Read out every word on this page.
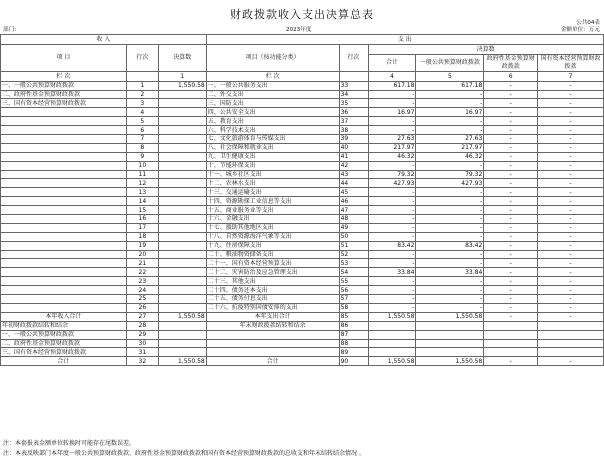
财政拨款收入支出决算总表
公共04表
部门:	2023年度	金额单位：万元
收 入			支 出					
项 目	行次	决算数	项目（按功能分类）	行次	决算数			
					合计	一般公共预算财政拨款	政府性基金预算财政拨款	国有资本经营预算财政拨款

栏 次		1	栏 次		4	5	6	7
一、一般公共预算财政拨款	1	1,550.58	一、一般公共服务支出	33	617.18	617.18	-	-
二、政府性基金预算财政拨款	2		二、外交支出	34	-	-	-	-
三、国有资本经营预算财政拨款	3		三、国防支出	35	-	-	-	-
	4		四、公共安全支出	36	16.97	16.97	-	-
	5		五、教育支出	37	-	-	-	-
	6		六、科学技术支出	38	-	-	-	-
	7		七、文化旅游体育与传媒支出	39	27.63	27.63	-	-
	8		八、社会保障和就业支出	40	217.97	217.97	-	-
	9		九、卫生健康支出	41	46.32	46.32	-	-
	10		十、节能环保支出	42	-	-	-	-
	11		十一、城乡社区支出	43	79.32	79.32	-	-
	12		十二、农林水支出	44	427.93	427.93	-	-
	13		十三、交通运输支出	45	-	-	-	-
	14		十四、资源勘探工业信息等支出	46	-	-	-	-
	15		十五、商业服务业等支出	47	-	-	-	-
	16		十六、金融支出	48	-	-	-	-
	17		十七、援助其他地区支出	49	-	-	-	-
	18		十八、自然资源海洋气象等支出	50	-	-	-	-
	19		十九、住房保障支出	51	83.42	83.42	-	-
	20		二十、粮油物资储备支出	52	-	-	-	-
	21		二十一、国有资本经营预算支出	53	-	-	-	-
	22		二十二、灾害防治及应急管理支出	54	33.84	33.84	-	-
	23		二十三、其他支出	55	-	-	-	-
	24		二十四、债务还本支出	56	-	-	-	-
	25		二十五、债务付息支出	57	-	-	-	-
	26		二十六、抗疫特别国债安排的支出	58	-	-	-	-
本年收入合计	27	1,550.58	本年支出合计	85	1,550.58	1,550.58	-	-
年初财政拨款结转和结余	28		年末财政拨款结转和结余	86				
一、一般公共预算财政拨款	29			87				
二、政府性基金预算财政拨款	30			88				
三、国有资本经营预算财政拨款	31			89				
合计	32	1,550.58	合计	90	1,550.58	1,550.58	-	-
注：本套报表金额单位转换时可能存在尾数误差。
注：本表反映部门本年度一般公共预算财政拨款、政府性基金预算财政拨款和国有资本经营预算财政拨款的总收支和年末结转结余情况 。
